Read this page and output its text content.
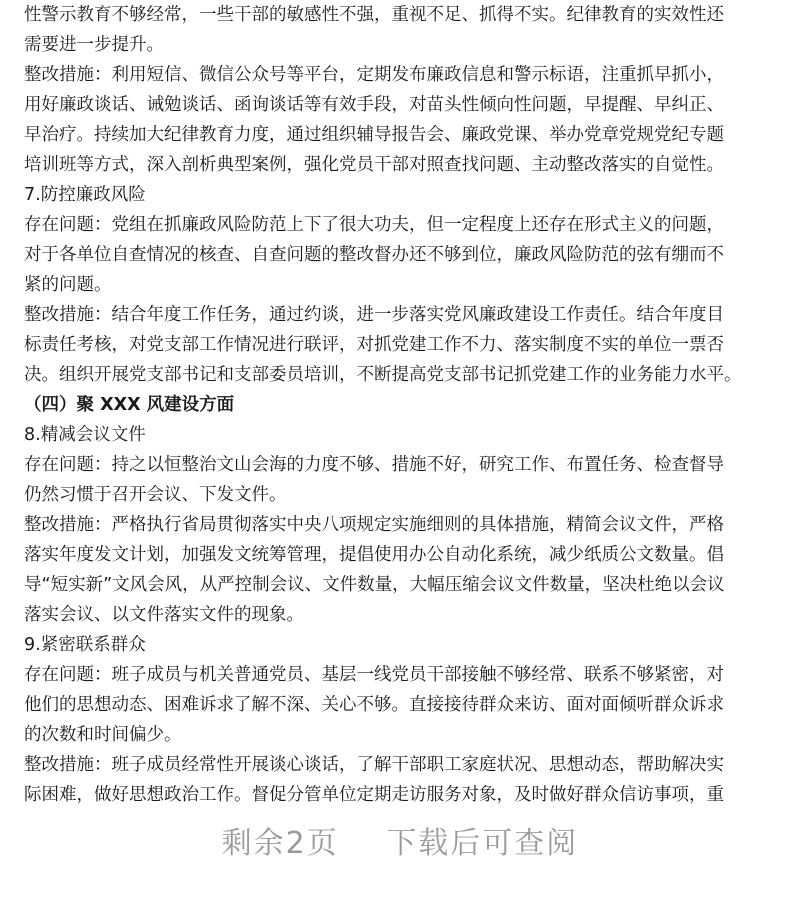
性警示教育不够经常，一些干部的敏感性不强，重视不足、抓得不实。纪律教育的实效性还
需要进一步提升。
整改措施：利用短信、微信公众号等平台，定期发布廉政信息和警示标语，注重抓早抓小，
用好廉政谈话、诫勉谈话、函询谈话等有效手段，对苗头性倾向性问题，早提醒、早纠正、
早治疗。持续加大纪律教育力度，通过组织辅导报告会、廉政党课、举办党章党规党纪专题
培训班等方式，深入剖析典型案例，强化党员干部对照查找问题、主动整改落实的自觉性。
7.防控廉政风险
存在问题：党组在抓廉政风险防范上下了很大功夫，但一定程度上还存在形式主义的问题，
对于各单位自查情况的核查、自查问题的整改督办还不够到位，廉政风险防范的弦有绷而不
紧的问题。
整改措施：结合年度工作任务，通过约谈，进一步落实党风廉政建设工作责任。结合年度目
标责任考核，对党支部工作情况进行联评，对抓党建工作不力、落实制度不实的单位一票否
决。组织开展党支部书记和支部委员培训，不断提高党支部书记抓党建工作的业务能力水平。
（四）聚 XXX 风建设方面
8.精减会议文件
存在问题：持之以恒整治文山会海的力度不够、措施不好，研究工作、布置任务、检查督导
仍然习惯于召开会议、下发文件。
整改措施：严格执行省局贯彻落实中央八项规定实施细则的具体措施，精简会议文件，严格
落实年度发文计划，加强发文统筹管理，提倡使用办公自动化系统，减少纸质公文数量。倡
导“短实新”文风会风，从严控制会议、文件数量，大幅压缩会议文件数量，坚决杜绝以会议
落实会议、以文件落实文件的现象。
9.紧密联系群众
存在问题：班子成员与机关普通党员、基层一线党员干部接触不够经常、联系不够紧密，对
他们的思想动态、困难诉求了解不深、关心不够。直接接待群众来访、面对面倾听群众诉求
的次数和时间偏少。
整改措施：班子成员经常性开展谈心谈话，了解干部职工家庭状况、思想动态，帮助解决实
际困难，做好思想政治工作。督促分管单位定期走访服务对象，及时做好群众信访事项，重
剩余2页 下载后可查阅
